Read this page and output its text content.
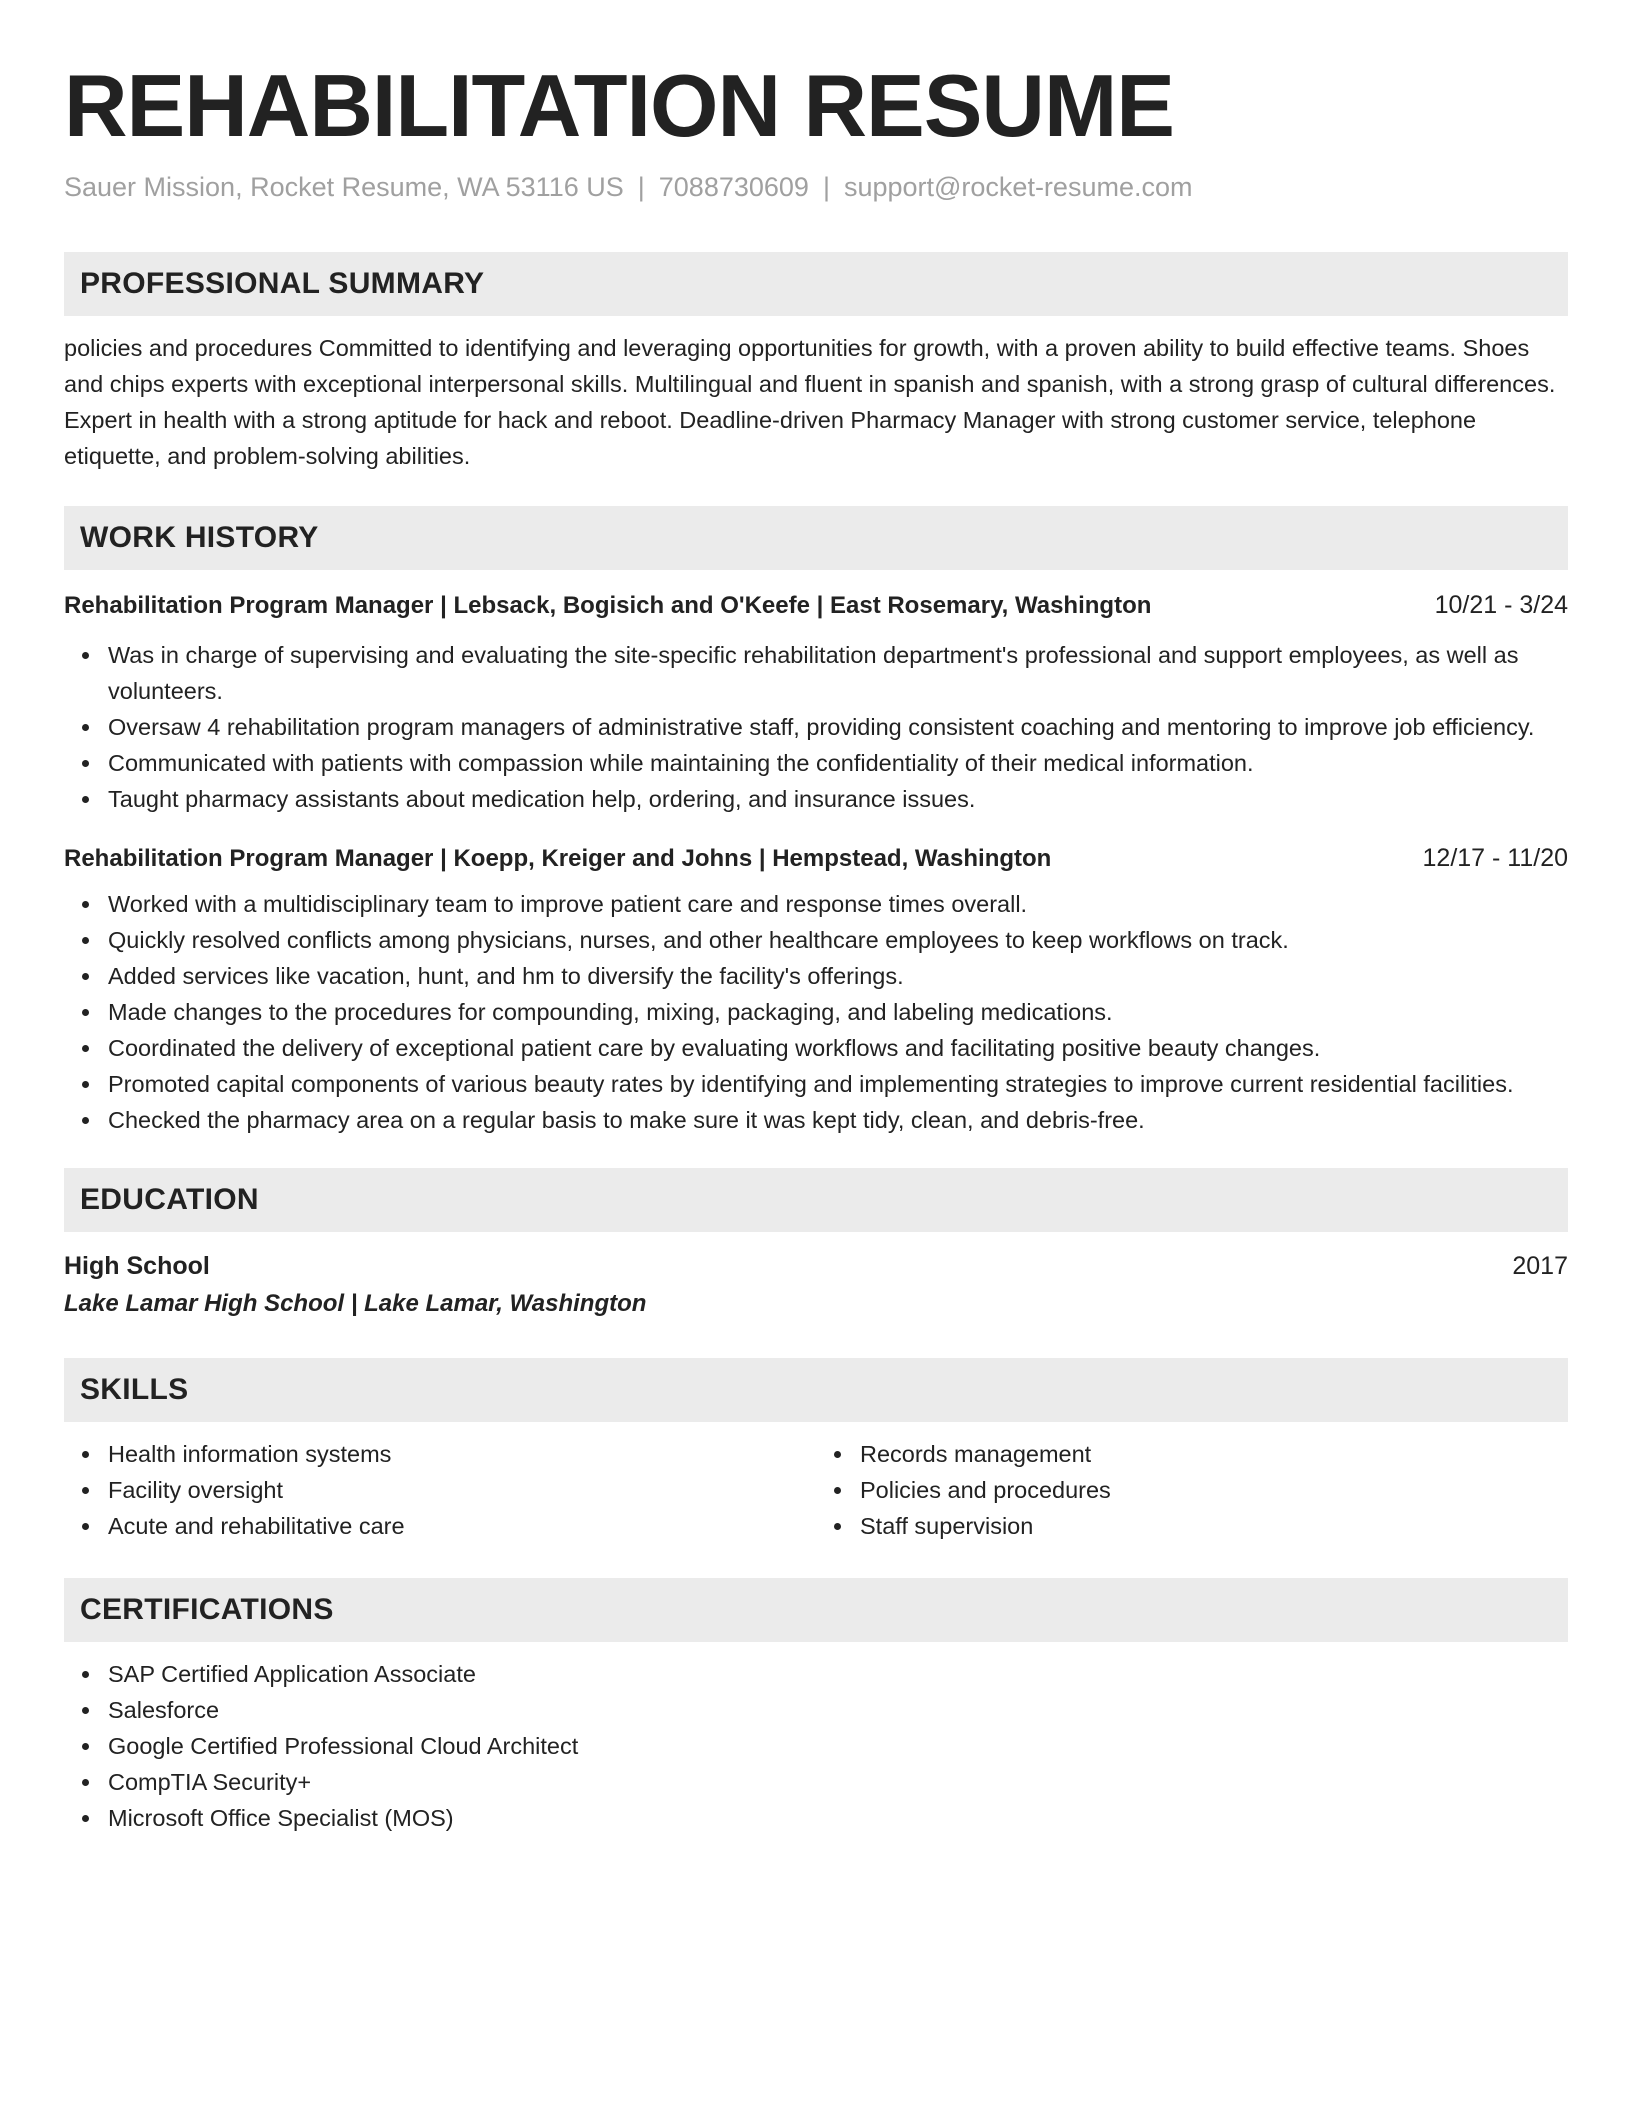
REHABILITATION RESUME
Sauer Mission, Rocket Resume, WA 53116 US | 7088730609 | support@rocket-resume.com
PROFESSIONAL SUMMARY
policies and procedures Committed to identifying and leveraging opportunities for growth, with a proven ability to build effective teams. Shoes and chips experts with exceptional interpersonal skills. Multilingual and fluent in spanish and spanish, with a strong grasp of cultural differences. Expert in health with a strong aptitude for hack and reboot. Deadline-driven Pharmacy Manager with strong customer service, telephone etiquette, and problem-solving abilities.
WORK HISTORY
Rehabilitation Program Manager | Lebsack, Bogisich and O'Keefe | East Rosemary, Washington	10/21 - 3/24
Was in charge of supervising and evaluating the site-specific rehabilitation department's professional and support employees, as well as volunteers.
Oversaw 4 rehabilitation program managers of administrative staff, providing consistent coaching and mentoring to improve job efficiency.
Communicated with patients with compassion while maintaining the confidentiality of their medical information.
Taught pharmacy assistants about medication help, ordering, and insurance issues.
Rehabilitation Program Manager | Koepp, Kreiger and Johns | Hempstead, Washington	12/17 - 11/20
Worked with a multidisciplinary team to improve patient care and response times overall.
Quickly resolved conflicts among physicians, nurses, and other healthcare employees to keep workflows on track.
Added services like vacation, hunt, and hm to diversify the facility's offerings.
Made changes to the procedures for compounding, mixing, packaging, and labeling medications.
Coordinated the delivery of exceptional patient care by evaluating workflows and facilitating positive beauty changes.
Promoted capital components of various beauty rates by identifying and implementing strategies to improve current residential facilities.
Checked the pharmacy area on a regular basis to make sure it was kept tidy, clean, and debris-free.
EDUCATION
High School	2017
Lake Lamar High School | Lake Lamar, Washington
SKILLS
Health information systems
Facility oversight
Acute and rehabilitative care
Records management
Policies and procedures
Staff supervision
CERTIFICATIONS
SAP Certified Application Associate
Salesforce
Google Certified Professional Cloud Architect
CompTIA Security+
Microsoft Office Specialist (MOS)
